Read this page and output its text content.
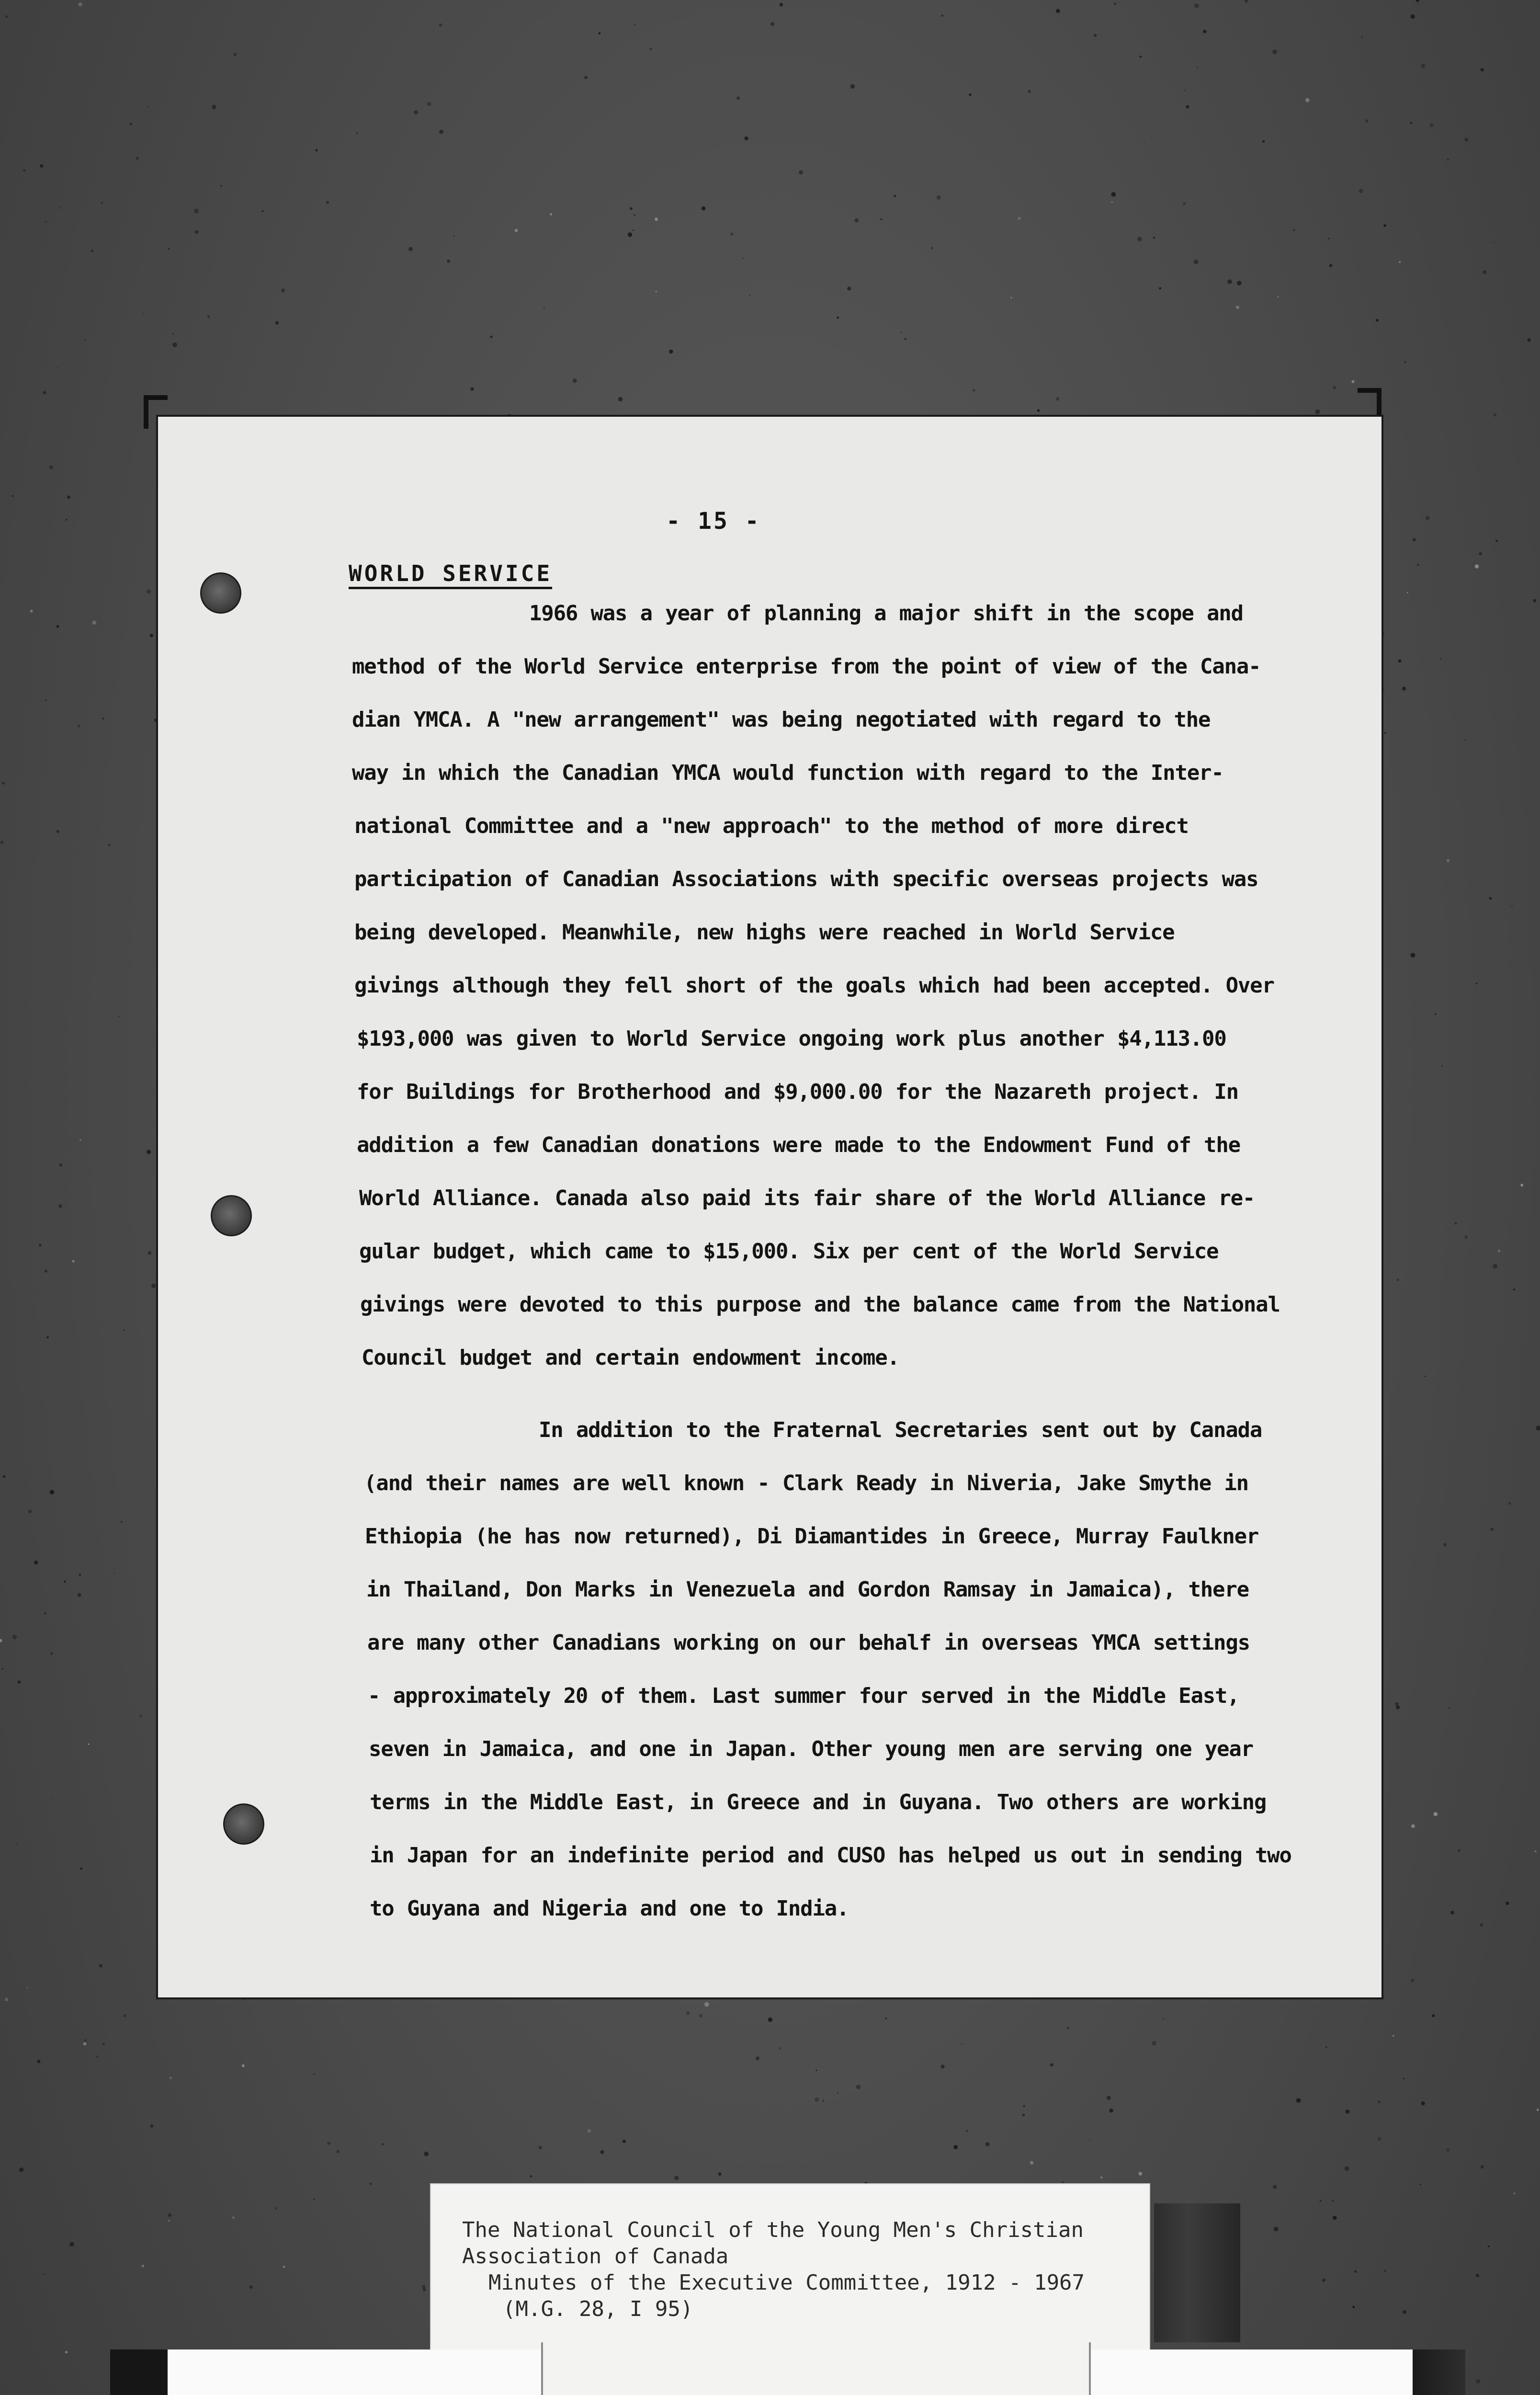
- 15 -
WORLD SERVICE
1966 was a year of planning a major shift in the scope and
method of the World Service enterprise from the point of view of the Cana-
dian YMCA. A "new arrangement" was being negotiated with regard to the
way in which the Canadian YMCA would function with regard to the Inter-
national Committee and a "new approach" to the method of more direct
participation of Canadian Associations with specific overseas projects was
being developed. Meanwhile, new highs were reached in World Service
givings although they fell short of the goals which had been accepted. Over
$193,000 was given to World Service ongoing work plus another $4,113.00
for Buildings for Brotherhood and $9,000.00 for the Nazareth project. In
addition a few Canadian donations were made to the Endowment Fund of the
World Alliance. Canada also paid its fair share of the World Alliance re-
gular budget, which came to $15,000. Six per cent of the World Service
givings were devoted to this purpose and the balance came from the National
Council budget and certain endowment income.
In addition to the Fraternal Secretaries sent out by Canada
(and their names are well known - Clark Ready in Niveria, Jake Smythe in
Ethiopia (he has now returned), Di Diamantides in Greece, Murray Faulkner
in Thailand, Don Marks in Venezuela and Gordon Ramsay in Jamaica), there
are many other Canadians working on our behalf in overseas YMCA settings
- approximately 20 of them. Last summer four served in the Middle East,
seven in Jamaica, and one in Japan. Other young men are serving one year
terms in the Middle East, in Greece and in Guyana. Two others are working
in Japan for an indefinite period and CUSO has helped us out in sending two
to Guyana and Nigeria and one to India.
The National Council of the Young Men's Christian
Association of Canada
Minutes of the Executive Committee, 1912 - 1967
(M.G. 28, I 95)
